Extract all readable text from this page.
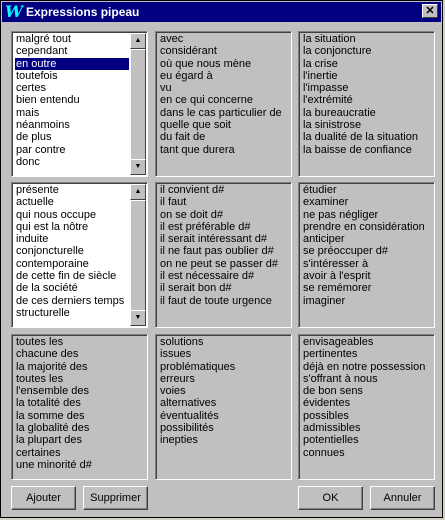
W Expressions pipeau	✕
malgré tout
cependant
en outre
toutefois
certes
bien entendu
mais
néanmoins
de plus
par contre
donc
▲
▼
avec
considérant
où que nous mène
eu égard à
vu
en ce qui concerne
dans le cas particulier de
quelle que soit
du fait de
tant que durera
la situation
la conjoncture
la crise
l'inertie
l'impasse
l'extrémité
la bureaucratie
la sinistrose
la dualité de la situation
la baisse de confiance
présente
actuelle
qui nous occupe
qui est la nôtre
induite
conjoncturelle
contemporaine
de cette fin de siècle
de la société
de ces derniers temps
structurelle
▲
▼
il convient d#
il faut
on se doit d#
il est préférable d#
il serait intéressant d#
il ne faut pas oublier d#
on ne peut se passer d#
il est nécessaire d#
il serait bon d#
il faut de toute urgence
étudier
examiner
ne pas négliger
prendre en considération
anticiper
se préoccuper d#
s'intéresser à
avoir à l'esprit
se remémorer
imaginer
toutes les
chacune des
la majorité des
toutes les
l'ensemble des
la totalité des
la somme des
la globalité des
la plupart des
certaines
une minorité d#
solutions
issues
problématiques
erreurs
voies
alternatives
éventualités
possibilités
inepties
envisageables
pertinentes
déjà en notre possession
s'offrant à nous
de bon sens
évidentes
possibles
admissibles
potentielles
connues
Ajouter	Supprimer	OK	Annuler
